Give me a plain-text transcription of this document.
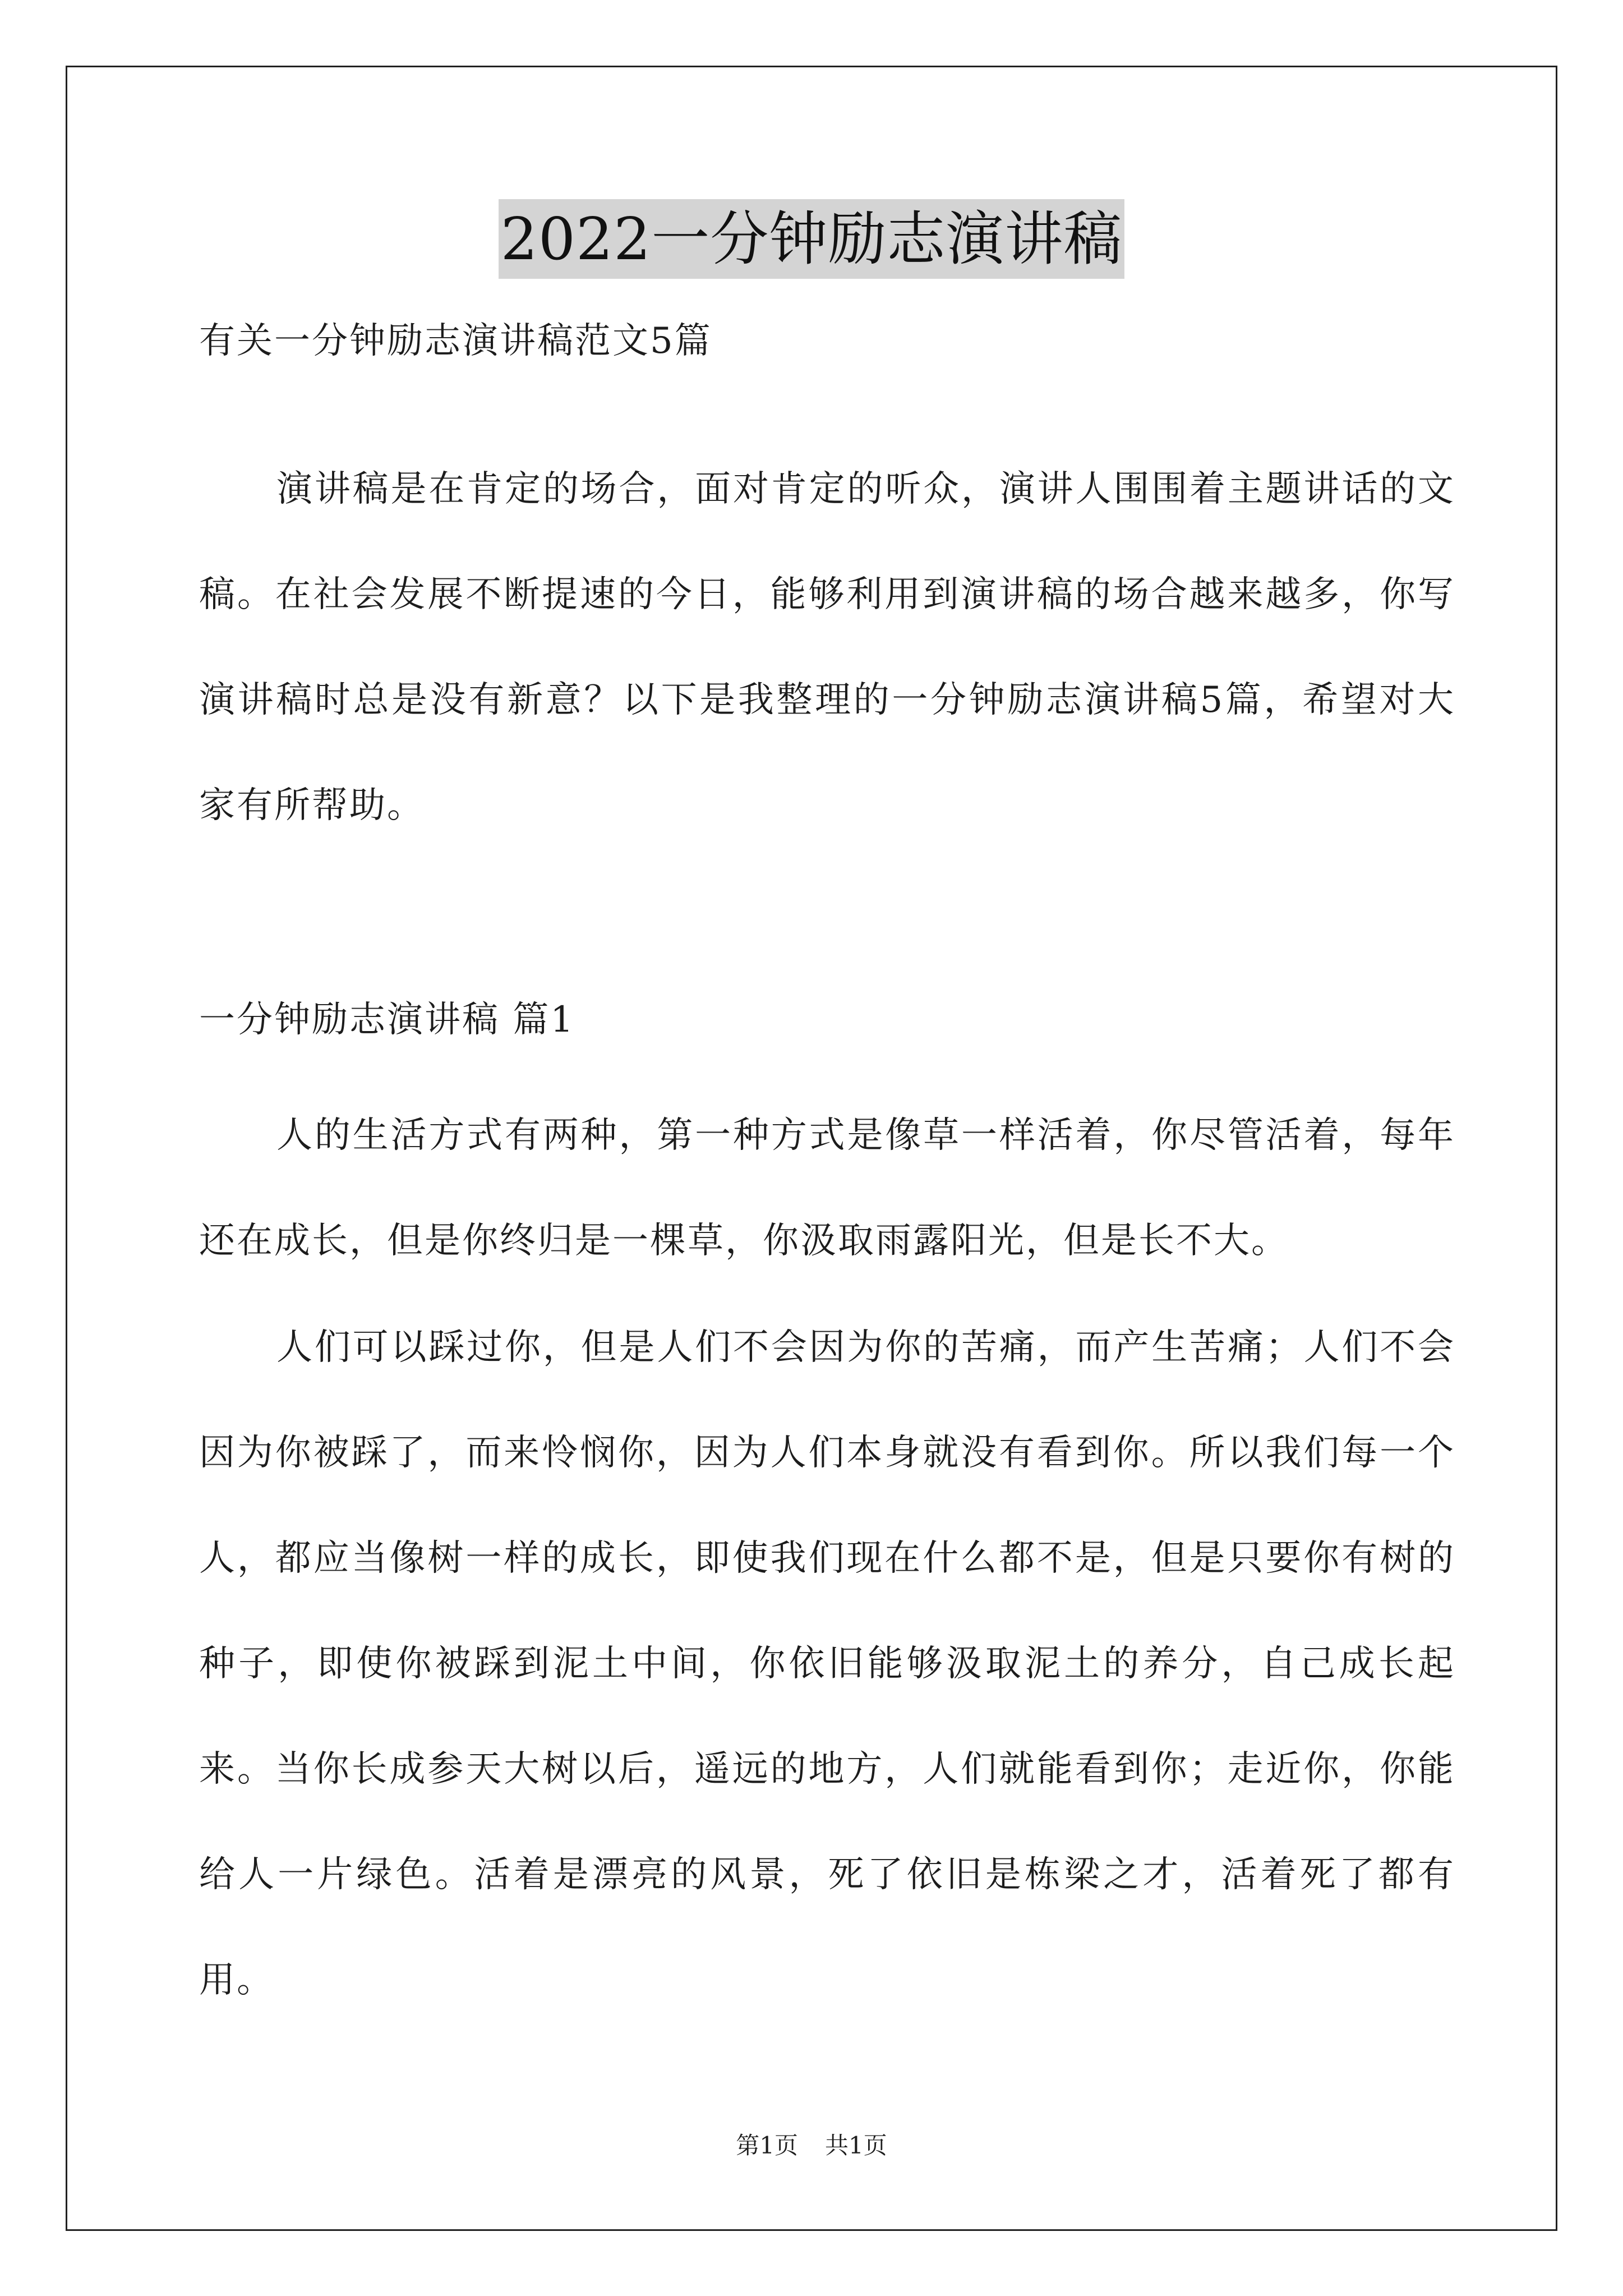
2022一分钟励志演讲稿

有关一分钟励志演讲稿范文5篇

演讲稿是在肯定的场合，面对肯定的听众，演讲人围围着主题讲话的文稿。在社会发展不断提速的今日，能够利用到演讲稿的场合越来越多，你写演讲稿时总是没有新意？以下是我整理的一分钟励志演讲稿5篇，希望对大家有所帮助。

一分钟励志演讲稿 篇1

人的生活方式有两种，第一种方式是像草一样活着，你尽管活着，每年还在成长，但是你终归是一棵草，你汲取雨露阳光，但是长不大。

人们可以踩过你，但是人们不会因为你的苦痛，而产生苦痛；人们不会因为你被踩了，而来怜悯你，因为人们本身就没有看到你。所以我们每一个人，都应当像树一样的成长，即使我们现在什么都不是，但是只要你有树的种子，即使你被踩到泥土中间，你依旧能够汲取泥土的养分，自己成长起来。当你长成参天大树以后，遥远的地方，人们就能看到你；走近你，你能给人一片绿色。活着是漂亮的风景，死了依旧是栋梁之才，活着死了都有用。

第1页 共1页
